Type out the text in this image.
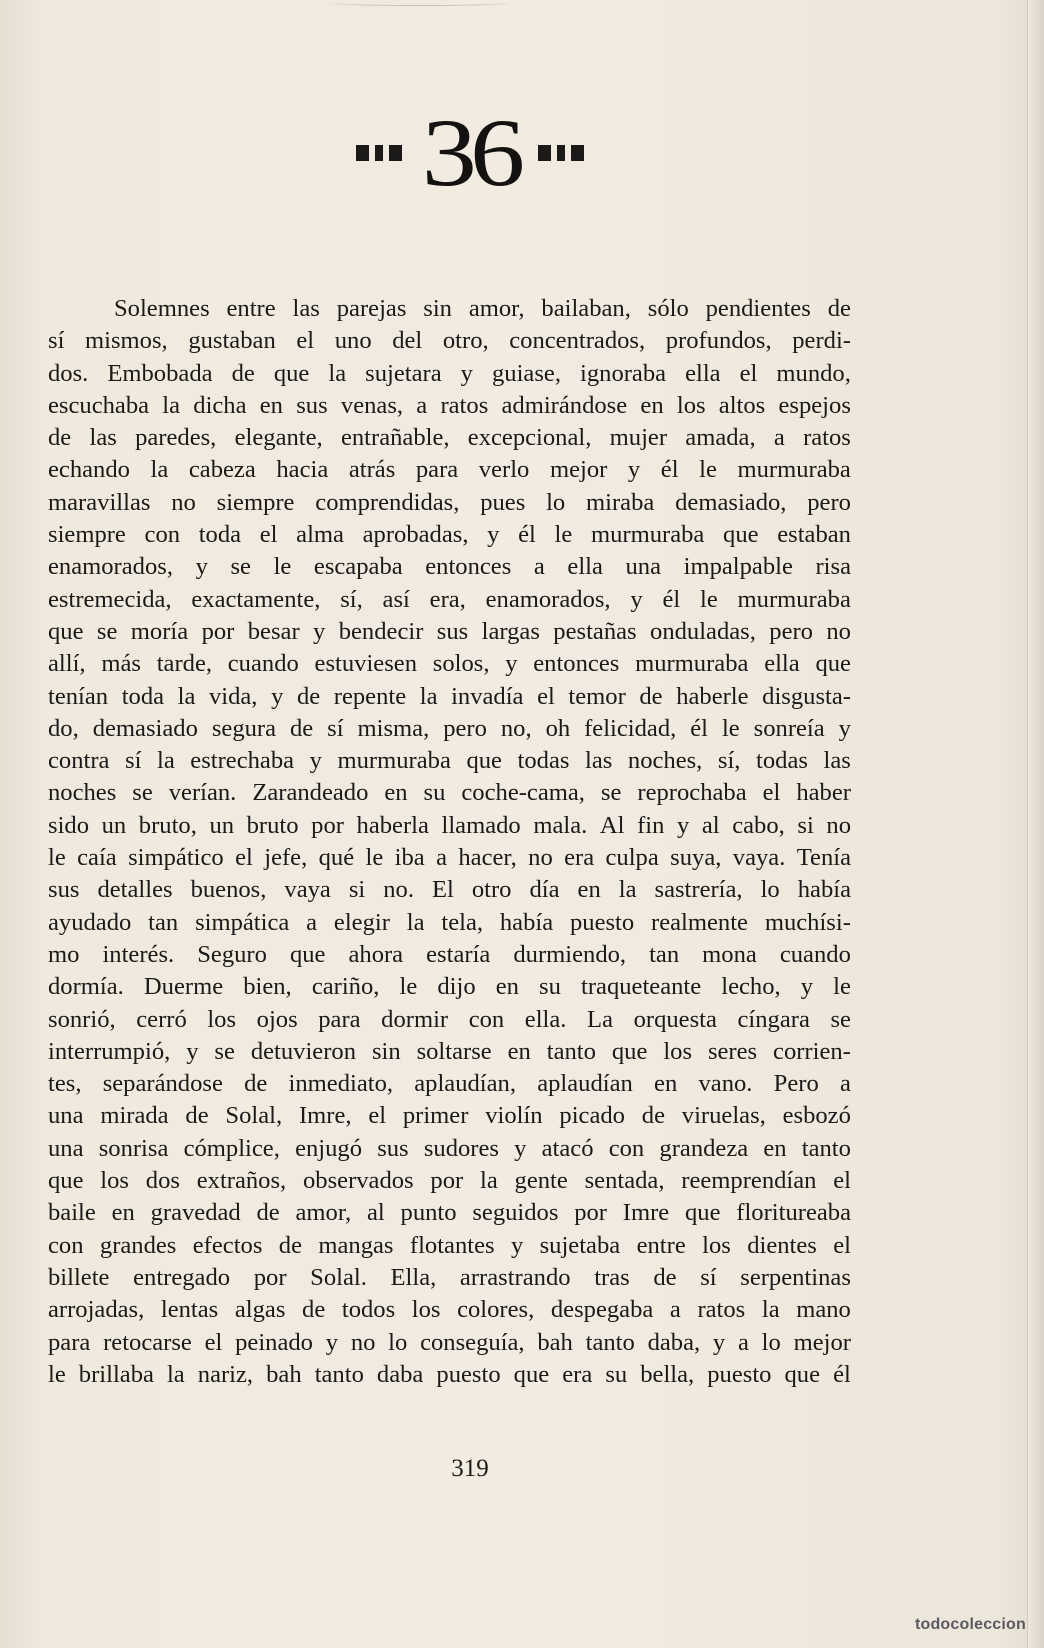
36
Solemnes entre las parejas sin amor, bailaban, sólo pendientes de
sí mismos, gustaban el uno del otro, concentrados, profundos, perdi-
dos. Embobada de que la sujetara y guiase, ignoraba ella el mundo,
escuchaba la dicha en sus venas, a ratos admirándose en los altos espejos
de las paredes, elegante, entrañable, excepcional, mujer amada, a ratos
echando la cabeza hacia atrás para verlo mejor y él le murmuraba
maravillas no siempre comprendidas, pues lo miraba demasiado, pero
siempre con toda el alma aprobadas, y él le murmuraba que estaban
enamorados, y se le escapaba entonces a ella una impalpable risa
estremecida, exactamente, sí, así era, enamorados, y él le murmuraba
que se moría por besar y bendecir sus largas pestañas onduladas, pero no
allí, más tarde, cuando estuviesen solos, y entonces murmuraba ella que
tenían toda la vida, y de repente la invadía el temor de haberle disgusta-
do, demasiado segura de sí misma, pero no, oh felicidad, él le sonreía y
contra sí la estrechaba y murmuraba que todas las noches, sí, todas las
noches se verían. Zarandeado en su coche-cama, se reprochaba el haber
sido un bruto, un bruto por haberla llamado mala. Al fin y al cabo, si no
le caía simpático el jefe, qué le iba a hacer, no era culpa suya, vaya. Tenía
sus detalles buenos, vaya si no. El otro día en la sastrería, lo había
ayudado tan simpática a elegir la tela, había puesto realmente muchísi-
mo interés. Seguro que ahora estaría durmiendo, tan mona cuando
dormía. Duerme bien, cariño, le dijo en su traqueteante lecho, y le
sonrió, cerró los ojos para dormir con ella. La orquesta cíngara se
interrumpió, y se detuvieron sin soltarse en tanto que los seres corrien-
tes, separándose de inmediato, aplaudían, aplaudían en vano. Pero a
una mirada de Solal, Imre, el primer violín picado de viruelas, esbozó
una sonrisa cómplice, enjugó sus sudores y atacó con grandeza en tanto
que los dos extraños, observados por la gente sentada, reemprendían el
baile en gravedad de amor, al punto seguidos por Imre que floritureaba
con grandes efectos de mangas flotantes y sujetaba entre los dientes el
billete entregado por Solal. Ella, arrastrando tras de sí serpentinas
arrojadas, lentas algas de todos los colores, despegaba a ratos la mano
para retocarse el peinado y no lo conseguía, bah tanto daba, y a lo mejor
le brillaba la nariz, bah tanto daba puesto que era su bella, puesto que él
319
todocoleccion
